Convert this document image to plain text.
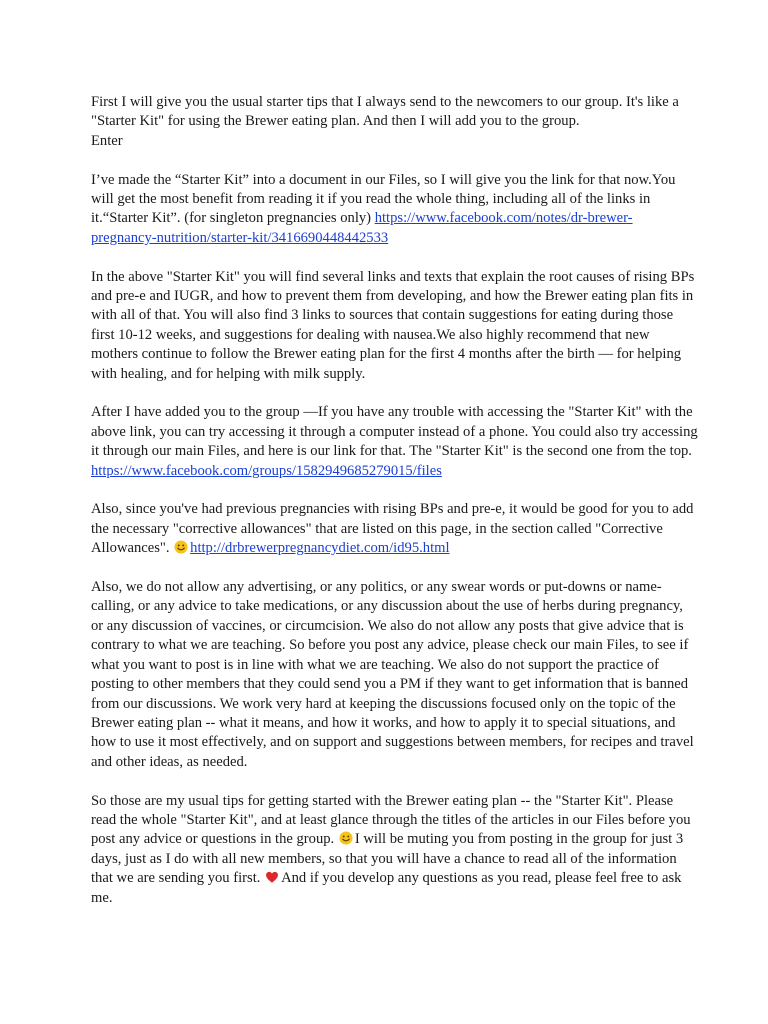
First I will give you the usual starter tips that I always send to the newcomers to our group. It's like a "Starter Kit" for using the Brewer eating plan. And then I will add you to the group.
Enter

I’ve made the “Starter Kit” into a document in our Files, so I will give you the link for that now.You will get the most benefit from reading it if you read the whole thing, including all of the links in it.“Starter Kit”. (for singleton pregnancies only) https://www.facebook.com/notes/dr-brewer-pregnancy-nutrition/starter-kit/3416690448442533

In the above "Starter Kit" you will find several links and texts that explain the root causes of rising BPs and pre-e and IUGR, and how to prevent them from developing, and how the Brewer eating plan fits in with all of that. You will also find 3 links to sources that contain suggestions for eating during those first 10-12 weeks, and suggestions for dealing with nausea.We also highly recommend that new mothers continue to follow the Brewer eating plan for the first 4 months after the birth — for helping with healing, and for helping with milk supply.

After I have added you to the group —If you have any trouble with accessing the "Starter Kit" with the above link, you can try accessing it through a computer instead of a phone. You could also try accessing it through our main Files, and here is our link for that. The "Starter Kit" is the second one from the top. https://www.facebook.com/groups/1582949685279015/files

Also, since you've had previous pregnancies with rising BPs and pre-e, it would be good for you to add the necessary "corrective allowances" that are listed on this page, in the section called "Corrective Allowances". http://drbrewerpregnancydiet.com/id95.html

Also, we do not allow any advertising, or any politics, or any swear words or put-downs or name-calling, or any advice to take medications, or any discussion about the use of herbs during pregnancy, or any discussion of vaccines, or circumcision. We also do not allow any posts that give advice that is contrary to what we are teaching. So before you post any advice, please check our main Files, to see if what you want to post is in line with what we are teaching. We also do not support the practice of posting to other members that they could send you a PM if they want to get information that is banned from our discussions. We work very hard at keeping the discussions focused only on the topic of the Brewer eating plan -- what it means, and how it works, and how to apply it to special situations, and how to use it most effectively, and on support and suggestions between members, for recipes and travel and other ideas, as needed.

So those are my usual tips for getting started with the Brewer eating plan -- the "Starter Kit". Please read the whole "Starter Kit", and at least glance through the titles of the articles in our Files before you post any advice or questions in the group. I will be muting you from posting in the group for just 3 days, just as I do with all new members, so that you will have a chance to read all of the information that we are sending you first. And if you develop any questions as you read, please feel free to ask me.
